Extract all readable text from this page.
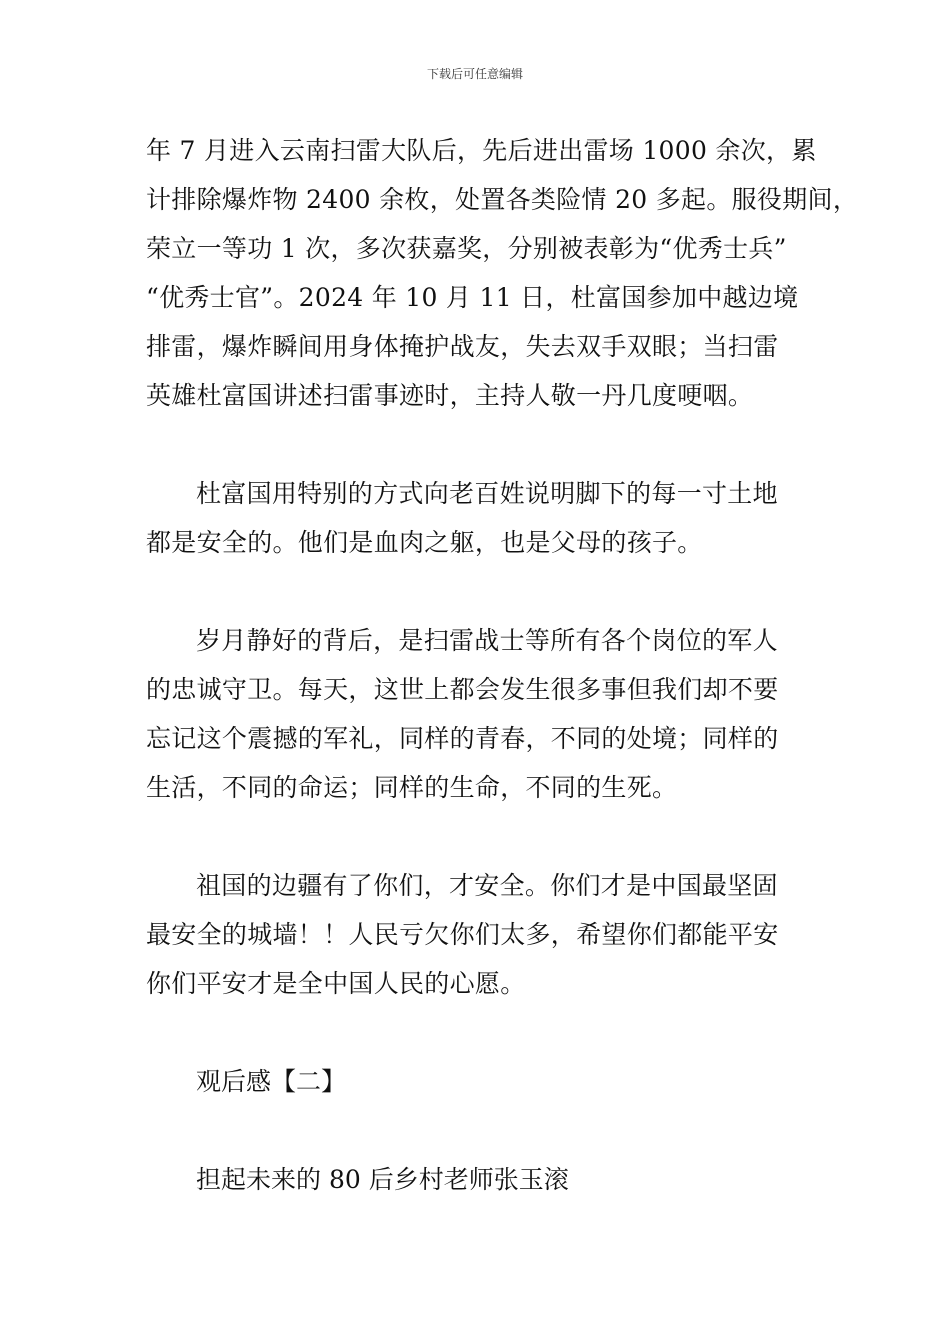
下载后可任意编辑
年 7 月进入云南扫雷大队后，先后进出雷场 1000 余次，累
计排除爆炸物 2400 余枚，处置各类险情 20 多起。服役期间，
荣立一等功 1 次，多次获嘉奖，分别被表彰为“优秀士兵”
“优秀士官”。2024 年 10 月 11 日，杜富国参加中越边境
排雷，爆炸瞬间用身体掩护战友，失去双手双眼；当扫雷
英雄杜富国讲述扫雷事迹时，主持人敬一丹几度哽咽。
杜富国用特别的方式向老百姓说明脚下的每一寸土地
都是安全的。他们是血肉之躯，也是父母的孩子。
岁月静好的背后，是扫雷战士等所有各个岗位的军人
的忠诚守卫。每天，这世上都会发生很多事但我们却不要
忘记这个震撼的军礼，同样的青春，不同的处境；同样的
生活，不同的命运；同样的生命，不同的生死。
祖国的边疆有了你们，才安全。你们才是中国最坚固
最安全的城墙！！人民亏欠你们太多，希望你们都能平安
你们平安才是全中国人民的心愿。
观后感【二】
担起未来的 80 后乡村老师张玉滚
